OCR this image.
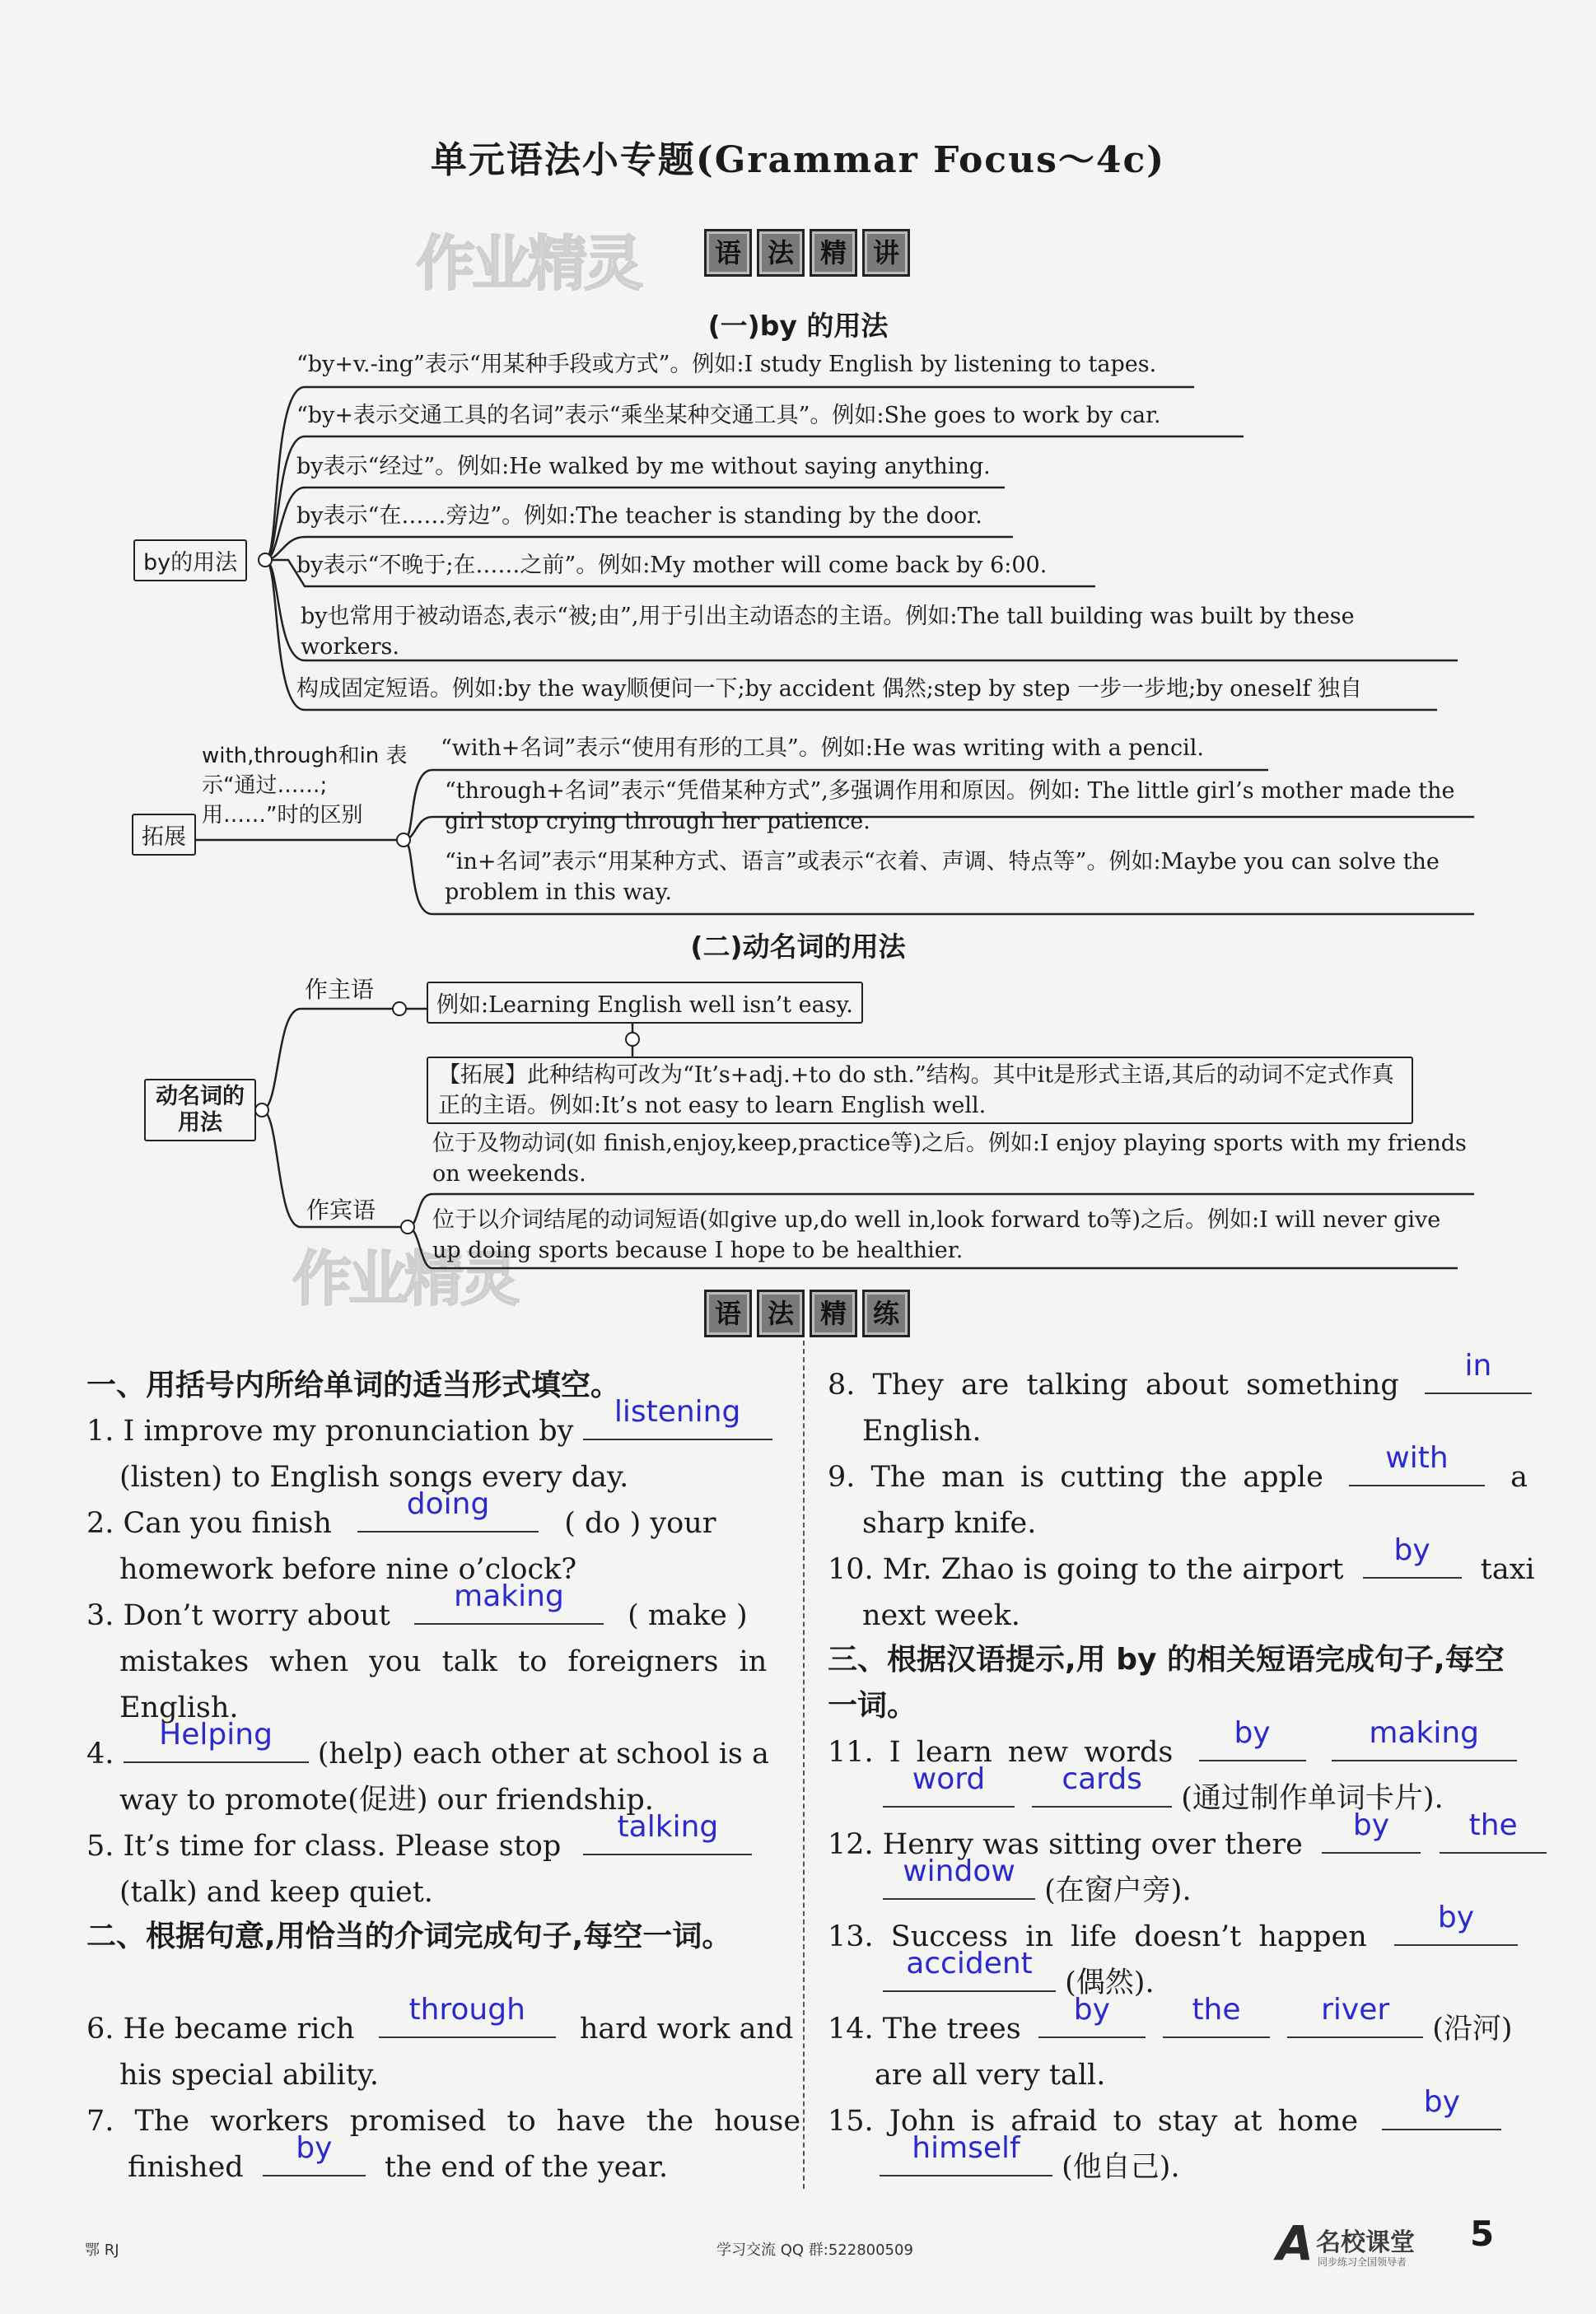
单元语法小专题(Grammar Focus～4c)
作业精灵
作业精灵
语 法 精 讲
(一)by 的用法
by的用法
“by+v.-ing”表示“用某种手段或方式”。例如:I study English by listening to tapes.
“by+表示交通工具的名词”表示“乘坐某种交通工具”。例如:She goes to work by car.
by表示“经过”。例如:He walked by me without saying anything.
by表示“在……旁边”。例如:The teacher is standing by the door.
by表示“不晚于;在……之前”。例如:My mother will come back by 6:00.
by也常用于被动语态,表示“被;由”,用于引出主动语态的主语。例如:The tall building was built by these workers.
构成固定短语。例如:by the way顺便问一下;by accident 偶然;step by step 一步一步地;by oneself 独自
with,through和in 表示“通过……;用……”时的区别
拓展
“with+名词”表示“使用有形的工具”。例如:He was writing with a pencil.
“through+名词”表示“凭借某种方式”,多强调作用和原因。例如: The little girl’s mother made the girl stop crying through her patience.
“in+名词”表示“用某种方式、语言”或表示“衣着、声调、特点等”。例如:Maybe you can solve the problem in this way.
(二)动名词的用法
动名词的用法
作主语
作宾语
例如:Learning English well isn’t easy.
【拓展】此种结构可改为“It’s+adj.+to do sth.”结构。其中it是形式主语,其后的动词不定式作真正的主语。例如:It’s not easy to learn English well.
位于及物动词(如 finish,enjoy,keep,practice等)之后。例如:I enjoy playing sports with my friends on weekends.
位于以介词结尾的动词短语(如give up,do well in,look forward to等)之后。例如:I will never give up doing sports because I hope to be healthier.
语 法 精 练
一、用括号内所给单词的适当形式填空。
1. I improve my pronunciation by
listening
(listen) to English songs every day.
2. Can you finish
doing
( do ) your
homework before nine o’clock?
3. Don’t worry about
making
( make )
mistakes when you talk to foreigners in
English.
4.
Helping
(help) each other at school is a
way to promote(促进) our friendship.
5. It’s time for class. Please stop
talking
(talk) and keep quiet.
二、根据句意,用恰当的介词完成句子,每空一词。
6. He became rich
through
hard work and
his special ability.
7. The workers promised to have the house
finished
by
the end of the year.
8. They are talking about something
in
English.
9. The man is cutting the apple
with
a
sharp knife.
10. Mr. Zhao is going to the airport
by
taxi
next week.
三、根据汉语提示,用 by 的相关短语完成句子,每空一词。
11. I learn new words
by
	making
word
	cards
(通过制作单词卡片).
12. Henry was sitting over there
by
	the
window
(在窗户旁).
13. Success in life doesn’t happen
by
accident
(偶然).
14. The trees
by
	the
	river
(沿河)
are all very tall.
15. John is afraid to stay at home
by
himself
(他自己).
鄂 RJ	学习交流 QQ 群:522800509	A 名校课堂
同步练习全国领导者
5
